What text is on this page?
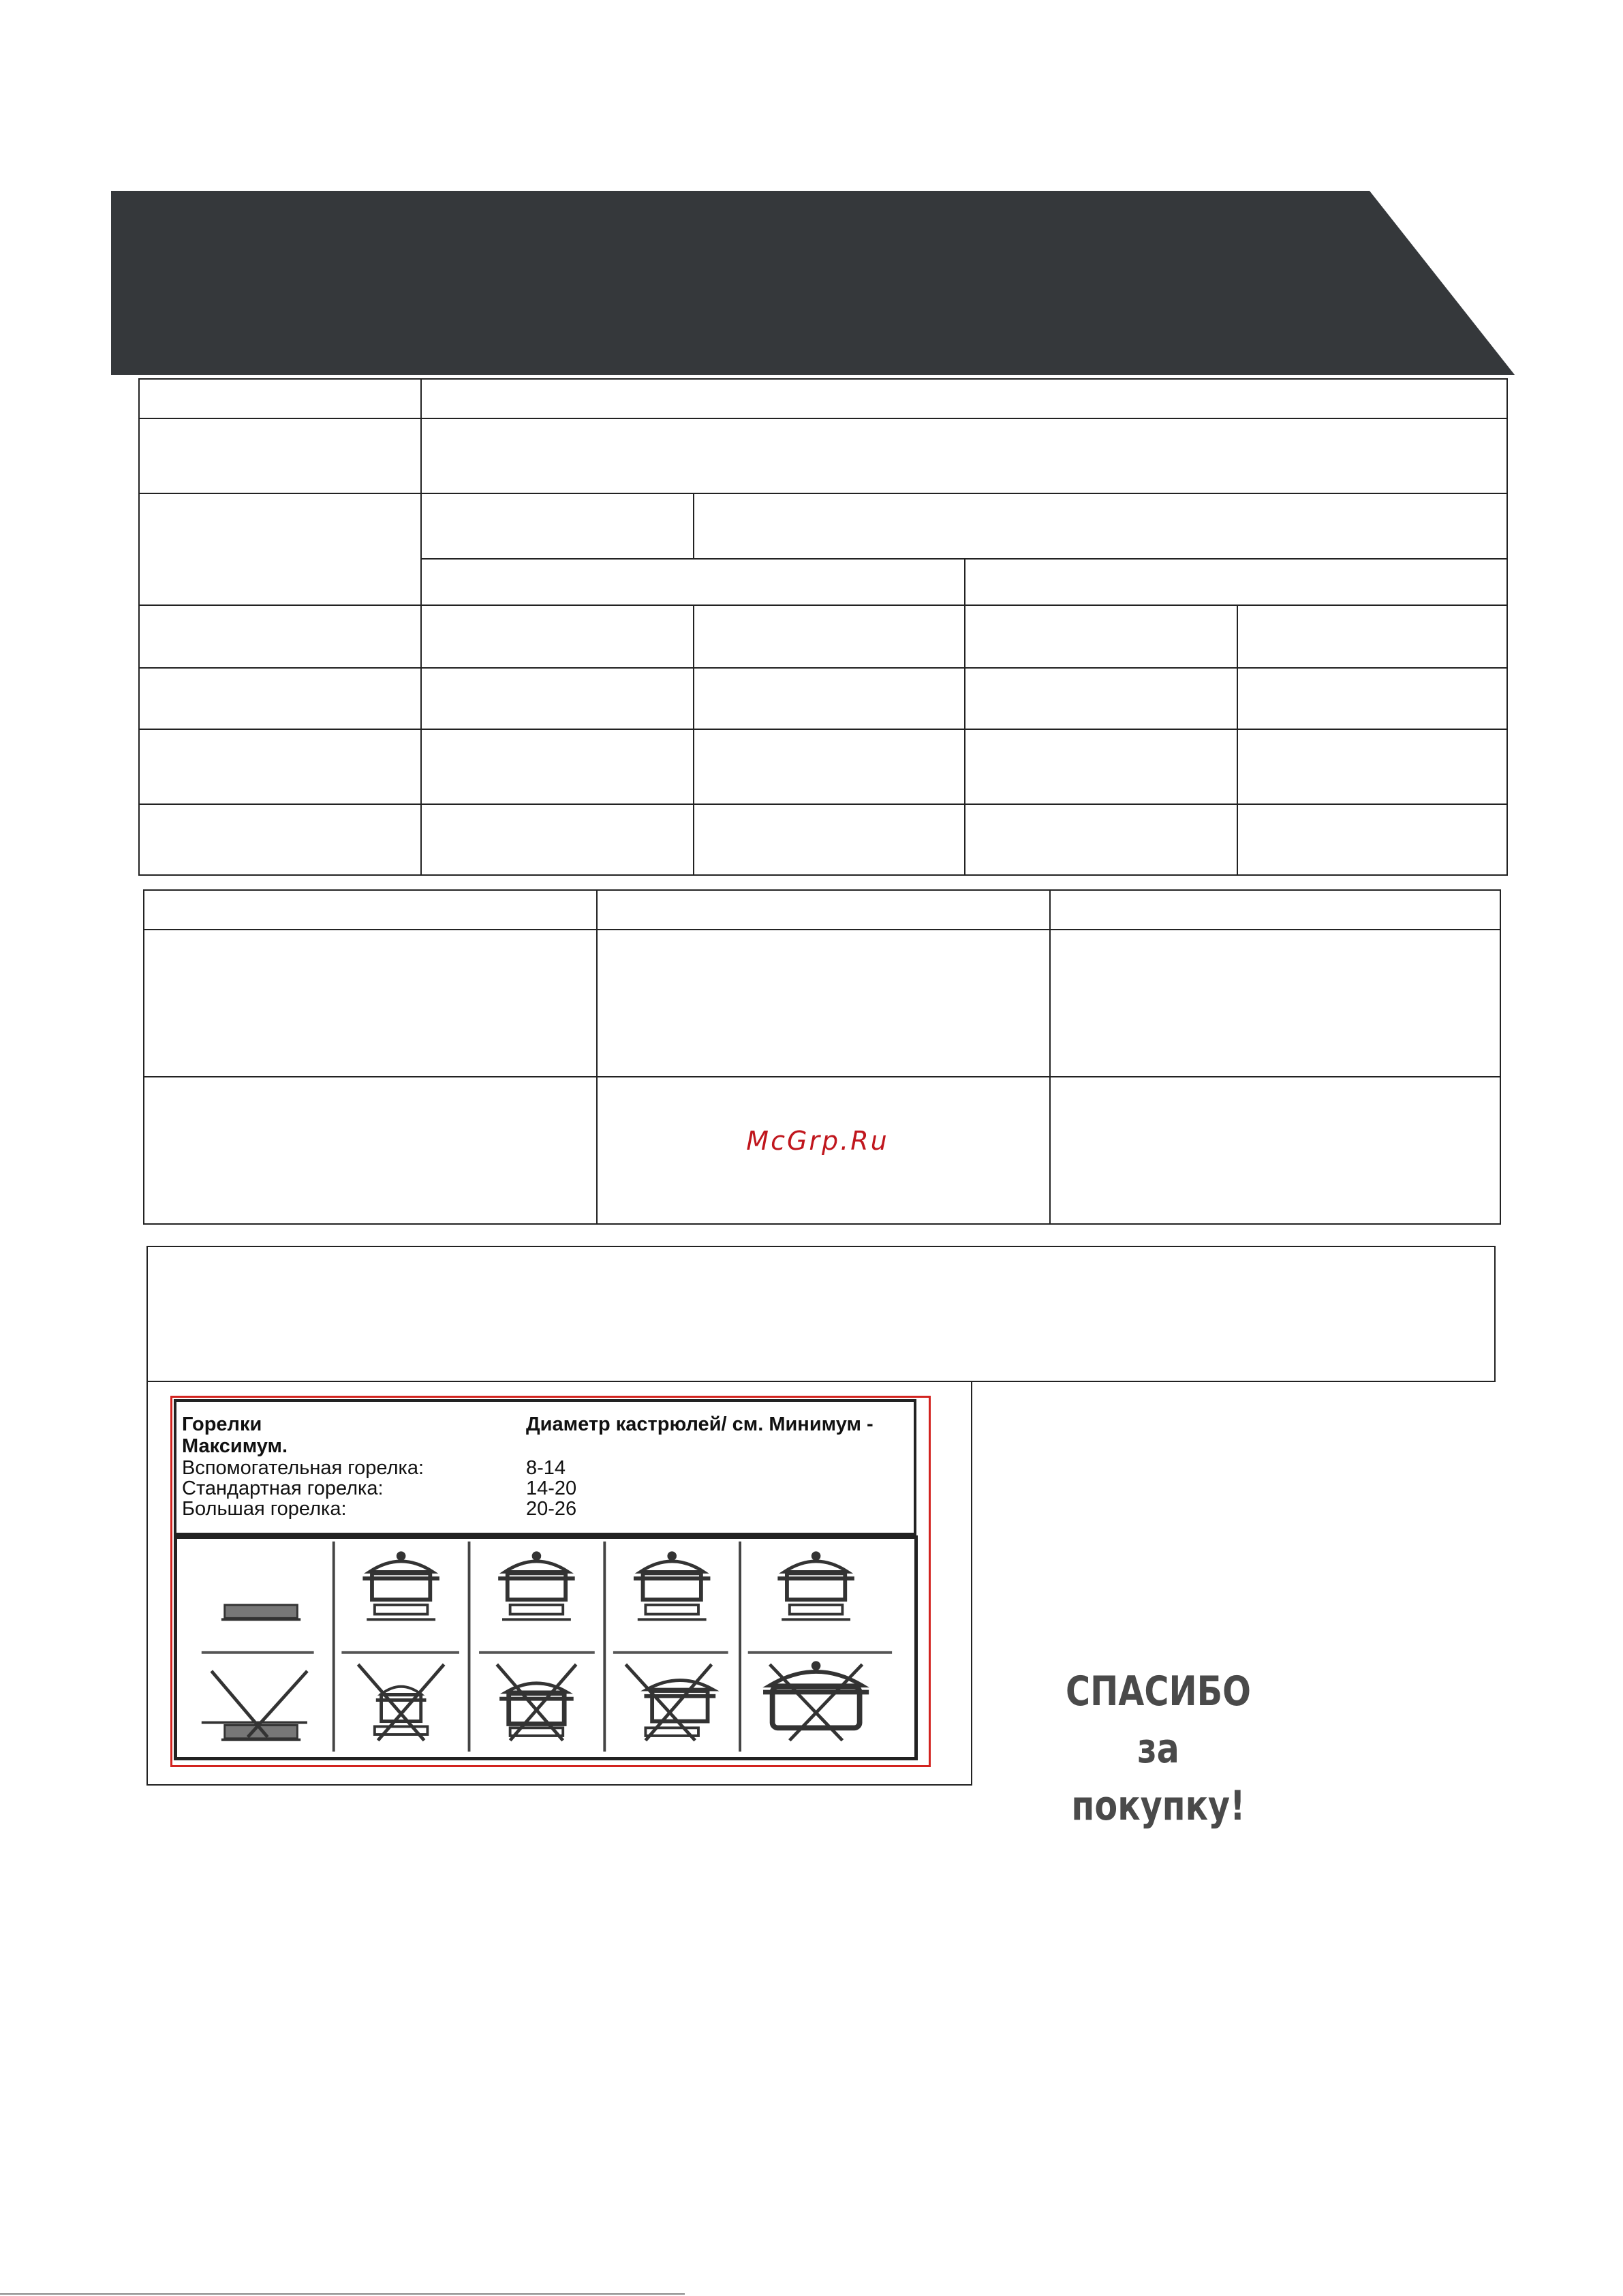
McGrp.Ru
Горелки	Диаметр кастрюлей/ см. Минимум -
Максимум.
Вспомогательная горелка:	8-14
Стандартная горелка:	14-20
Большая горелка:	20-26
СПАСИБО
за покупку!
